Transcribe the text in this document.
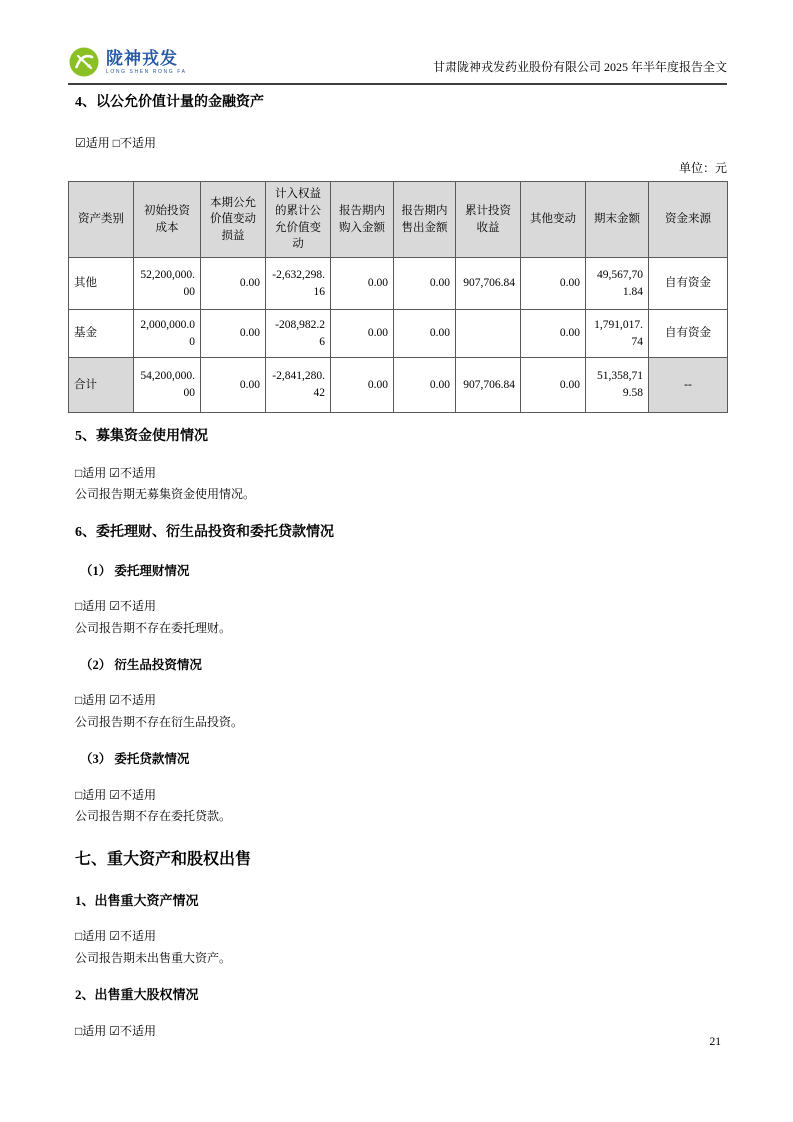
陇神戎发
LONG SHEN RONG FA	甘肃陇神戎发药业股份有限公司 2025 年半年度报告全文
4、以公允价值计量的金融资产
☑适用 □不适用
单位：元
资产类别	初始投资成本	本期公允价值变动损益	计入权益的累计公允价值变动	报告期内购入金额	报告期内售出金额	累计投资收益	其他变动	期末金额	资金来源
其他	52,200,000.00	0.00	-2,632,298.16	0.00	0.00	907,706.84	0.00	49,567,701.84	自有资金
基金	2,000,000.00	0.00	-208,982.26	0.00	0.00		0.00	1,791,017.74	自有资金
合计	54,200,000.00	0.00	-2,841,280.42	0.00	0.00	907,706.84	0.00	51,358,719.58	--
5、募集资金使用情况
□适用 ☑不适用
公司报告期无募集资金使用情况。
6、委托理财、衍生品投资和委托贷款情况
（1） 委托理财情况
□适用 ☑不适用
公司报告期不存在委托理财。
（2） 衍生品投资情况
□适用 ☑不适用
公司报告期不存在衍生品投资。
（3） 委托贷款情况
□适用 ☑不适用
公司报告期不存在委托贷款。
七、重大资产和股权出售
1、出售重大资产情况
□适用 ☑不适用
公司报告期未出售重大资产。
2、出售重大股权情况
□适用 ☑不适用
21
